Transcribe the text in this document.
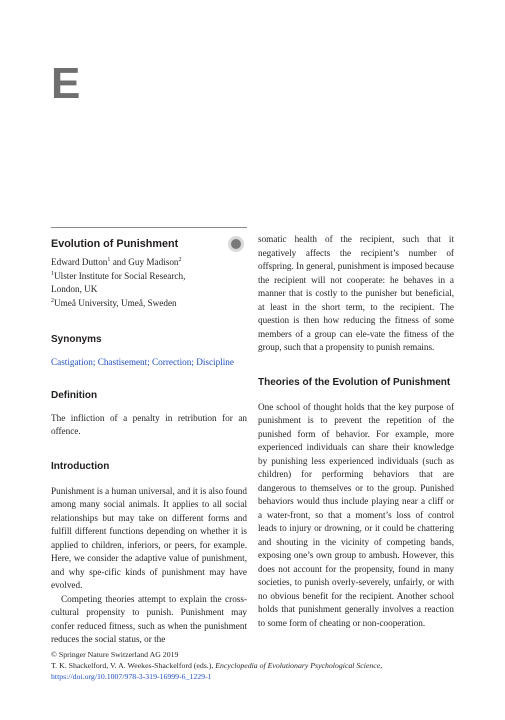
E
Evolution of Punishment
Edward Dutton$^1$ and Guy Madison$^2$
$^1$Ulster Institute for Social Research,
London, UK
$^2$Umeå University, Umeå, Sweden
Synonyms
Castigation; Chastisement; Correction; Discipline
Definition

The infliction of a penalty in retribution for an offence.

Introduction

Punishment is a human universal, and it is also found among many social animals. It applies to all social relationships but may take on different forms and fulfill different functions depending on whether it is applied to children, inferiors, or peers, for example. Here, we consider the adaptive value of punishment, and why spe-cific kinds of punishment may have evolved.

Competing theories attempt to explain the cross-cultural propensity to punish. Punishment may confer reduced fitness, such as when the punishment reduces the social status, or the

somatic health of the recipient, such that it negatively affects the recipient’s number of offspring. In general, punishment is imposed because the recipient will not cooperate: he behaves in a manner that is costly to the punisher but beneficial, at least in the short term, to the recipient. The question is then how reducing the fitness of some members of a group can ele-vate the fitness of the group, such that a propensity to punish remains.

Theories of the Evolution of Punishment

One school of thought holds that the key purpose of punishment is to prevent the repetition of the punished form of behavior. For example, more experienced individuals can share their knowledge by punishing less experienced individuals (such as children) for performing behaviors that are dangerous to themselves or to the group. Punished behaviors would thus include playing near a cliff or a water-front, so that a moment’s loss of control leads to injury or drowning, or it could be chattering and shouting in the vicinity of competing bands, exposing one’s own group to ambush. However, this does not account for the propensity, found in many societies, to punish overly-severely, unfairly, or with no obvious benefit for the recipient. Another school holds that punishment generally involves a reaction to some form of cheating or non-cooperation.

© Springer Nature Switzerland AG 2019
T. K. Shackelford, V. A. Weekes-Shackelford (eds.), Encyclopedia of Evolutionary Psychological Science,
https://doi.org/10.1007/978-3-319-16999-6_1229-1
